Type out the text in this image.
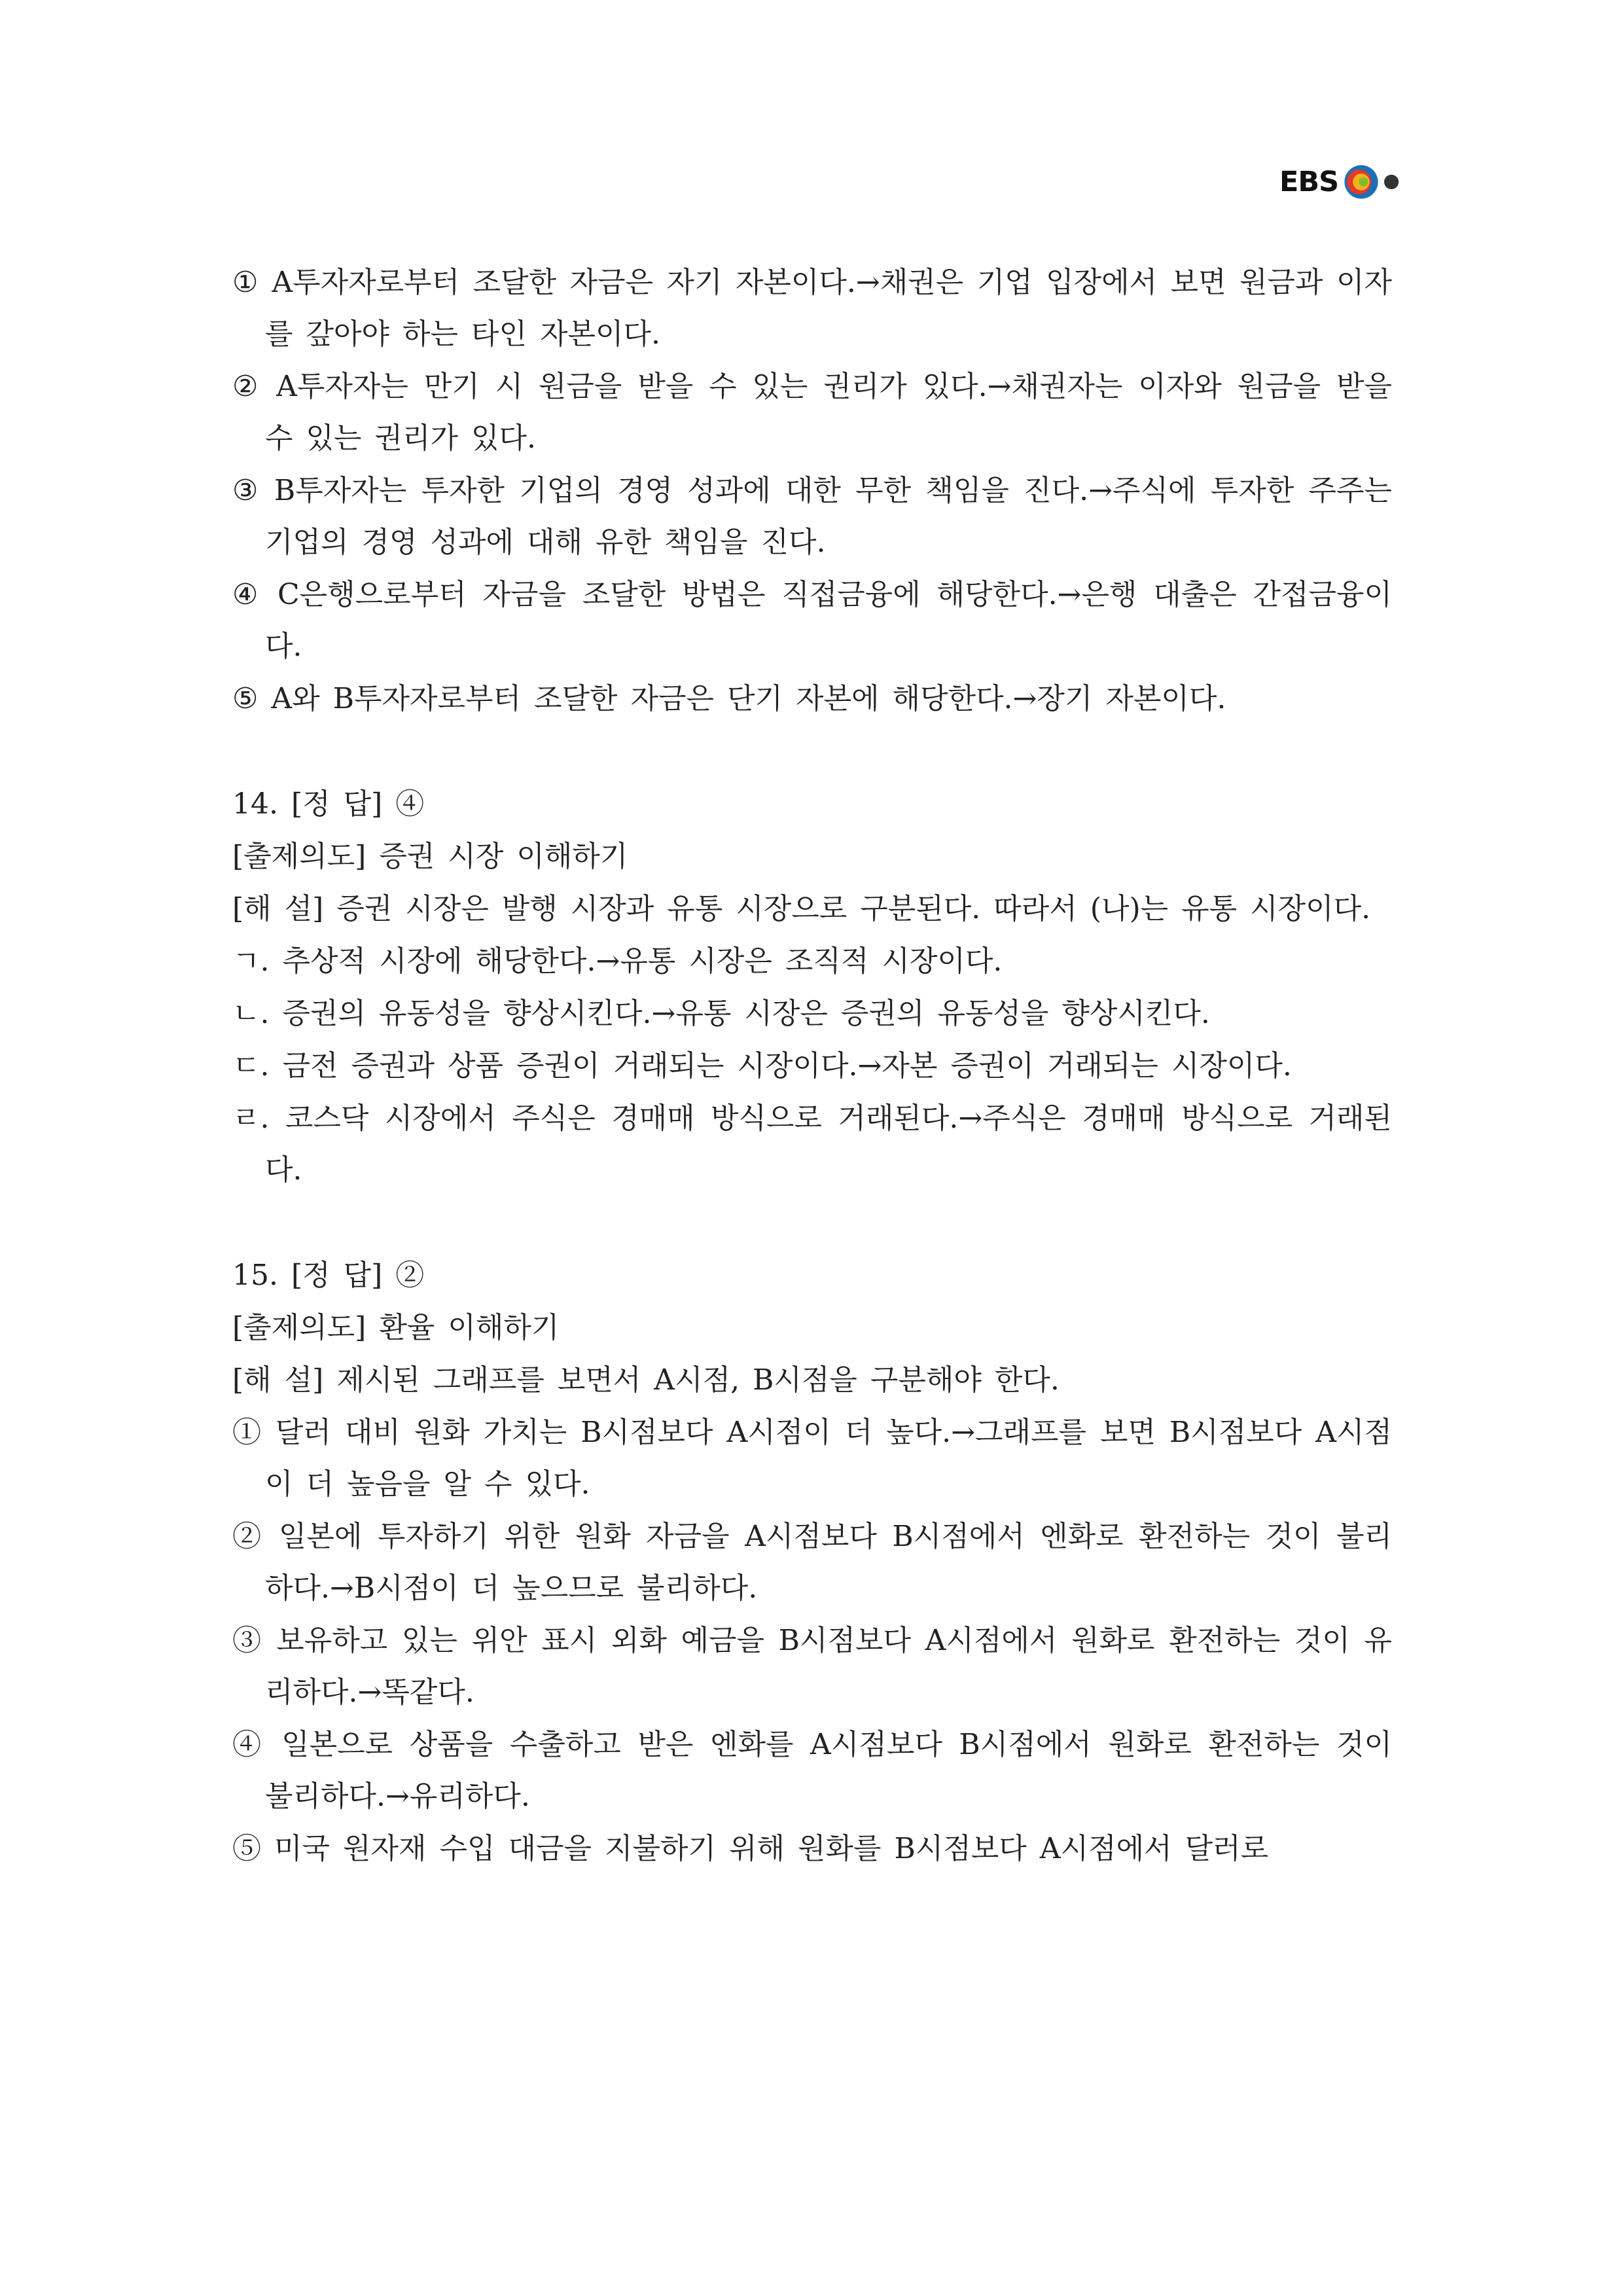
EBS

① A투자자로부터 조달한 자금은 자기 자본이다.→채권은 기업 입장에서 보면 원금과 이자를 갚아야 하는 타인 자본이다.

② A투자자는 만기 시 원금을 받을 수 있는 권리가 있다.→채권자는 이자와 원금을 받을 수 있는 권리가 있다.

③ B투자자는 투자한 기업의 경영 성과에 대한 무한 책임을 진다.→주식에 투자한 주주는 기업의 경영 성과에 대해 유한 책임을 진다.

④ C은행으로부터 자금을 조달한 방법은 직접금융에 해당한다.→은행 대출은 간접금융이다.

⑤ A와 B투자자로부터 조달한 자금은 단기 자본에 해당한다.→장기 자본이다.

14. [정 답] ④

[출제의도] 증권 시장 이해하기

[해 설] 증권 시장은 발행 시장과 유통 시장으로 구분된다. 따라서 (나)는 유통 시장이다.

ㄱ. 추상적 시장에 해당한다.→유통 시장은 조직적 시장이다.

ㄴ. 증권의 유동성을 향상시킨다.→유통 시장은 증권의 유동성을 향상시킨다.

ㄷ. 금전 증권과 상품 증권이 거래되는 시장이다.→자본 증권이 거래되는 시장이다.

ㄹ. 코스닥 시장에서 주식은 경매매 방식으로 거래된다.→주식은 경매매 방식으로 거래된다.

15. [정 답] ②

[출제의도] 환율 이해하기

[해 설] 제시된 그래프를 보면서 A시점, B시점을 구분해야 한다.

① 달러 대비 원화 가치는 B시점보다 A시점이 더 높다.→그래프를 보면 B시점보다 A시점이 더 높음을 알 수 있다.

② 일본에 투자하기 위한 원화 자금을 A시점보다 B시점에서 엔화로 환전하는 것이 불리하다.→B시점이 더 높으므로 불리하다.

③ 보유하고 있는 위안 표시 외화 예금을 B시점보다 A시점에서 원화로 환전하는 것이 유리하다.→똑같다.

④ 일본으로 상품을 수출하고 받은 엔화를 A시점보다 B시점에서 원화로 환전하는 것이 불리하다.→유리하다.

⑤ 미국 원자재 수입 대금을 지불하기 위해 원화를 B시점보다 A시점에서 달러로
